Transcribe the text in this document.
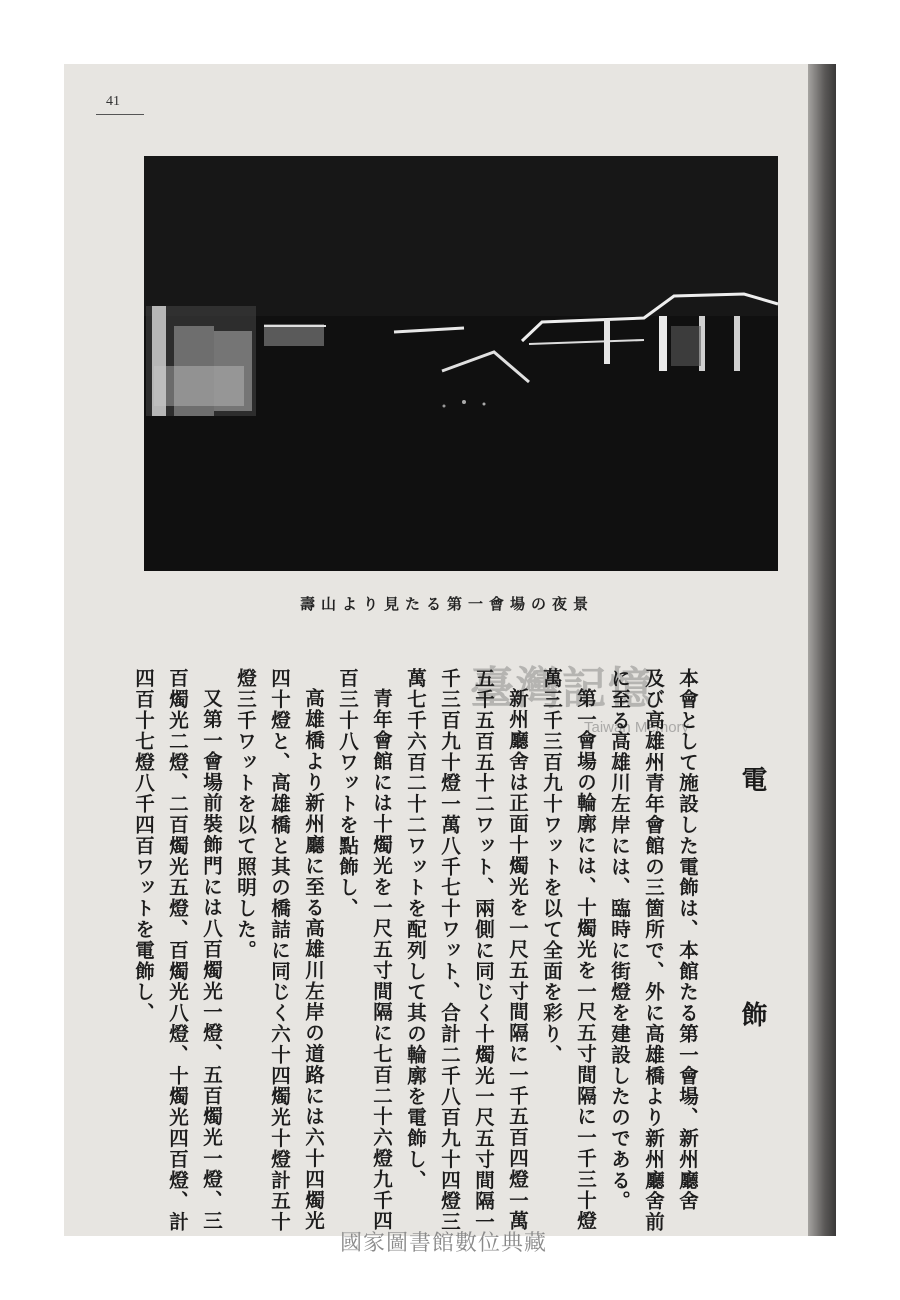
41
壽山より見たる第一會場の夜景
臺灣記憶
Taiwan Memory
電 飾
本會として施設した電飾は、本館たる第一會場、新州廳舍
及び高雄州青年會館の三箇所で、外に高雄橋より新州廳舍前
に至る高雄川左岸には、臨時に街燈を建設したのである。
第一會場の輪廓には、十燭光を一尺五寸間隔に一千三十燈
萬三千三百九十ワットを以て全面を彩り、
新州廳舍は正面十燭光を一尺五寸間隔に一千五百四燈一萬
五千五百五十二ワット、兩側に同じく十燭光一尺五寸間隔一
千三百九十燈一萬八千七十ワット、合計二千八百九十四燈三
萬七千六百二十二ワットを配列して其の輪廓を電飾し、
青年會館には十燭光を一尺五寸間隔に七百二十六燈九千四
百三十八ワットを點飾し、
高雄橋より新州廳に至る高雄川左岸の道路には六十四燭光
四十燈と、高雄橋と其の橋詰に同じく六十四燭光十燈計五十
燈三千ワットを以て照明した。
又第一會場前裝飾門には八百燭光一燈、五百燭光一燈、三
百燭光二燈、二百燭光五燈、百燭光八燈、十燭光四百燈、計
四百十七燈八千四百ワットを電飾し、
國家圖書館數位典藏
